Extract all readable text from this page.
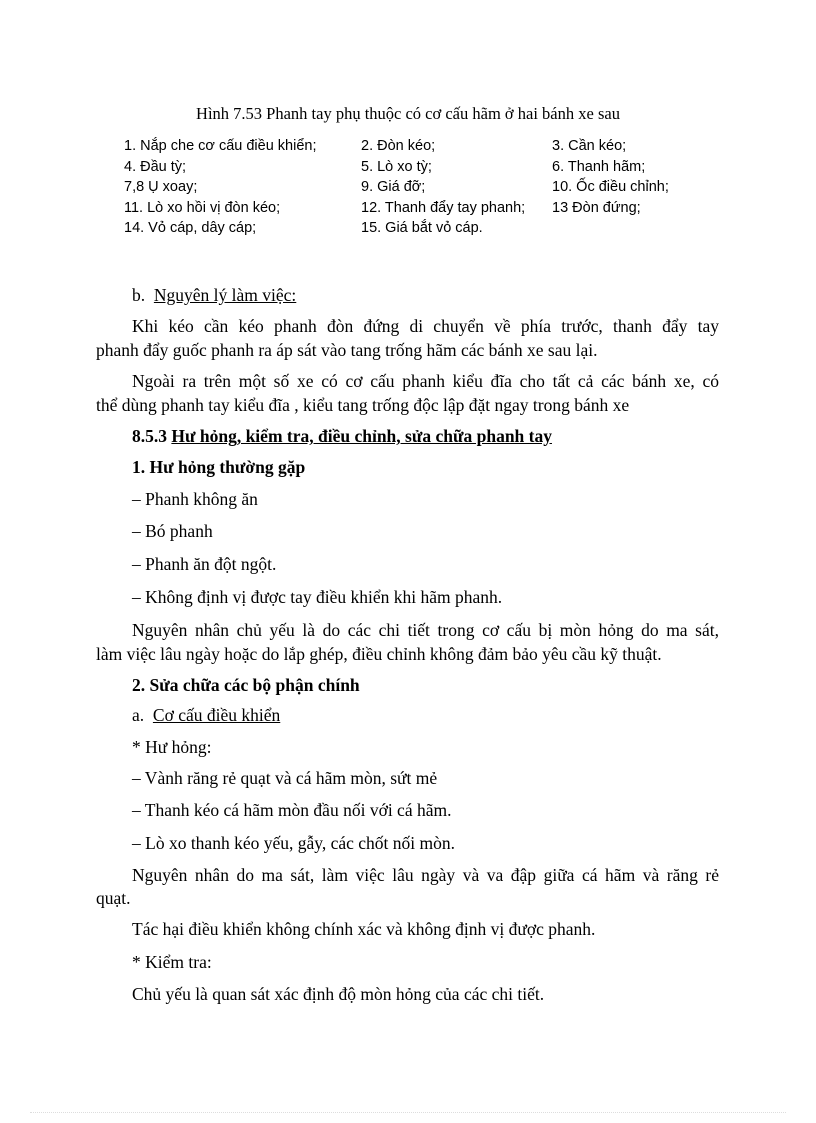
Hình 7.53 Phanh tay phụ thuộc có cơ cấu hãm ở hai bánh xe sau
1. Nắp che cơ cấu điều khiển;	2. Đòn kéo;	3. Cần kéo;
4. Đầu tỳ;	5. Lò xo tỳ;	6. Thanh hãm;
7,8 Ụ xoay;	9. Giá đỡ;	10. Ốc điều chỉnh;
11. Lò xo hồi vị đòn kéo;	12. Thanh đẩy tay phanh; 13 Đòn đứng;
14. Vỏ cáp, dây cáp;	15. Giá bắt vỏ cáp.
b. Nguyên lý làm việc:
Khi kéo cần kéo phanh đòn đứng di chuyển về phía trước, thanh đẩy tay
phanh đẩy guốc phanh ra áp sát vào tang trống hãm các bánh xe sau lại.
Ngoài ra trên một số xe có cơ cấu phanh kiểu đĩa cho tất cả các bánh xe, có
thể dùng phanh tay kiểu đĩa , kiểu tang trống độc lập đặt ngay trong bánh xe
8.5.3 Hư hỏng, kiểm tra, điều chỉnh, sửa chữa phanh tay
1. Hư hỏng thường gặp
– Phanh không ăn
– Bó phanh
– Phanh ăn đột ngột.
– Không định vị được tay điều khiển khi hãm phanh.
Nguyên nhân chủ yếu là do các chi tiết trong cơ cấu bị mòn hỏng do ma sát,
làm việc lâu ngày hoặc do lắp ghép, điều chỉnh không đảm bảo yêu cầu kỹ thuật.
2. Sửa chữa các bộ phận chính
a. Cơ cấu điều khiển
* Hư hỏng:
– Vành răng rẻ quạt và cá hãm mòn, sứt mẻ
– Thanh kéo cá hãm mòn đầu nối với cá hãm.
– Lò xo thanh kéo yếu, gẫy, các chốt nối mòn.
Nguyên nhân do ma sát, làm việc lâu ngày và va đập giữa cá hãm và răng rẻ
quạt.
Tác hại điều khiển không chính xác và không định vị được phanh.
* Kiểm tra:
Chủ yếu là quan sát xác định độ mòn hỏng của các chi tiết.
